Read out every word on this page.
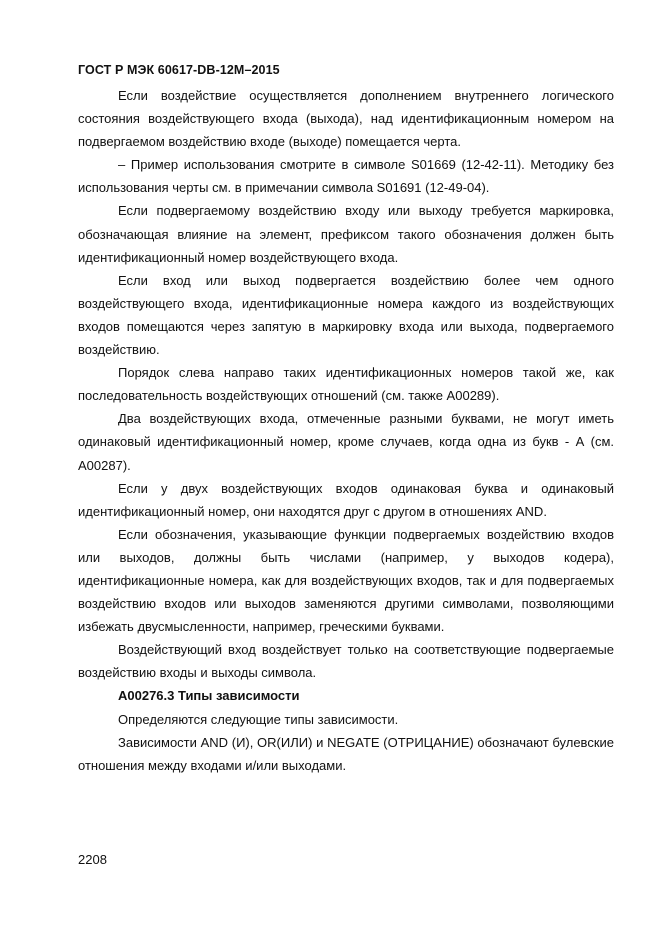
ГОСТ Р МЭК 60617-DB-12M–2015

Если воздействие осуществляется дополнением внутреннего логического состояния воздействующего входа (выхода), над идентификационным номером на подвергаемом воздействию входе (выходе) помещается черта.

– Пример использования смотрите в символе S01669 (12-42-11). Методику без использования черты см. в примечании символа S01691 (12-49-04).

Если подвергаемому воздействию входу или выходу требуется маркировка, обозначающая влияние на элемент, префиксом такого обозначения должен быть идентификационный номер воздействующего входа.

Если вход или выход подвергается воздействию более чем одного воздействующего входа, идентификационные номера каждого из воздействующих входов помещаются через запятую в маркировку входа или выхода, подвергаемого воздействию.

Порядок слева направо таких идентификационных номеров такой же, как последовательность воздействующих отношений (см. также А00289).

Два воздействующих входа, отмеченные разными буквами, не могут иметь одинаковый идентификационный номер, кроме случаев, когда одна из букв - А (см. А00287).

Если у двух воздействующих входов одинаковая буква и одинаковый идентификационный номер, они находятся друг с другом в отношениях AND.

Если обозначения, указывающие функции подвергаемых воздействию входов или выходов, должны быть числами (например, у выходов кодера), идентификационные номера, как для воздействующих входов, так и для подвергаемых воздействию входов или выходов заменяются другими символами, позволяющими избежать двусмысленности, например, греческими буквами.

Воздействующий вход воздействует только на соответствующие подвергаемые воздействию входы и выходы символа.

А00276.3 Типы зависимости

Определяются следующие типы зависимости.

Зависимости AND (И), OR(ИЛИ) и NEGATE (ОТРИЦАНИЕ) обозначают булевские отношения между входами и/или выходами.

2208
